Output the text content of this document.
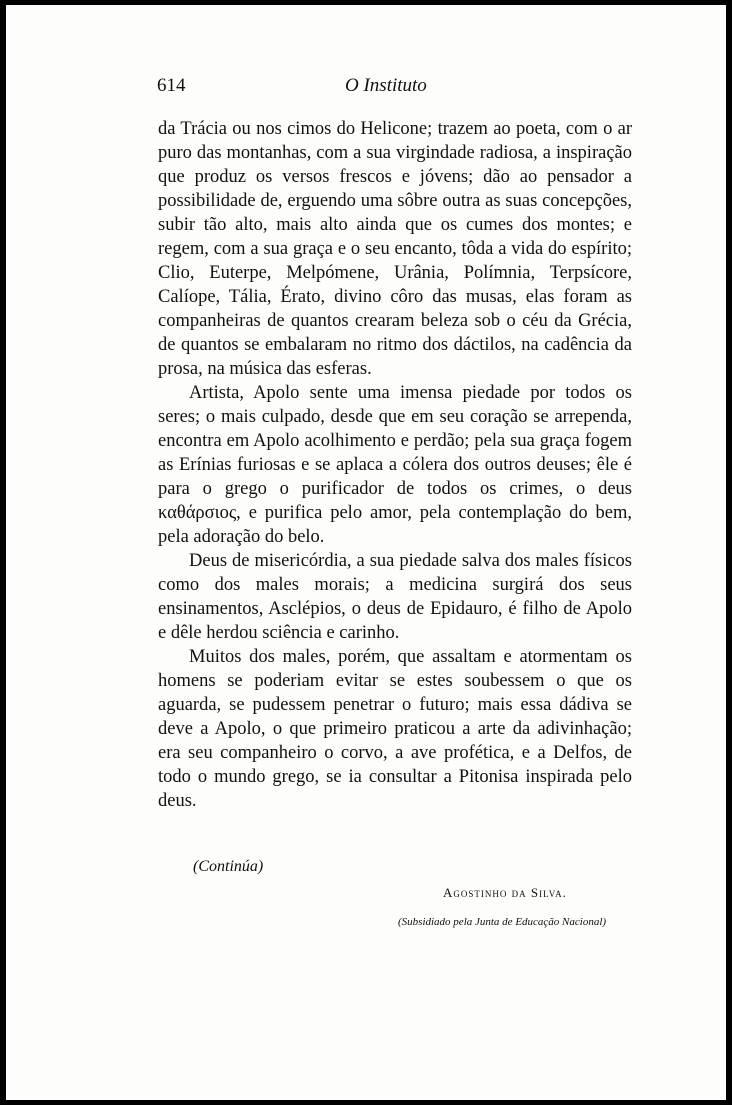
614	O Instituto

da Trácia ou nos cimos do Helicone; trazem ao poeta, com o ar puro das montanhas, com a sua virgindade radiosa, a inspiração que produz os versos frescos e jóvens; dão ao pensador a possibilidade de, erguendo uma sôbre outra as suas concepções, subir tão alto, mais alto ainda que os cumes dos montes; e regem, com a sua graça e o seu encanto, tôda a vida do espírito; Clio, Euterpe, Melpómene, Urânia, Polímnia, Terpsícore, Calíope, Tália, Érato, divino côro das musas, elas foram as companheiras de quantos crearam beleza sob o céu da Grécia, de quantos se embalaram no ritmo dos dáctilos, na cadência da prosa, na música das esferas.

Artista, Apolo sente uma imensa piedade por todos os seres; o mais culpado, desde que em seu coração se arrependa, encontra em Apolo acolhimento e perdão; pela sua graça fogem as Erínias furiosas e se aplaca a cólera dos outros deuses; êle é para o grego o purificador de todos os crimes, o deus καθάρσιος, e purifica pelo amor, pela contemplação do bem, pela adoração do belo.

Deus de misericórdia, a sua piedade salva dos males físicos como dos males morais; a medicina surgirá dos seus ensinamentos, Asclépios, o deus de Epidauro, é filho de Apolo e dêle herdou sciência e carinho.

Muitos dos males, porém, que assaltam e atormentam os homens se poderiam evitar se estes soubessem o que os aguarda, se pudessem penetrar o futuro; mais essa dádiva se deve a Apolo, o que primeiro praticou a arte da adivinhação; era seu companheiro o corvo, a ave profética, e a Delfos, de todo o mundo grego, se ia consultar a Pitonisa inspirada pelo deus.

(Continúa)
Agostinho da Silva.
(Subsidiado pela Junta de Educação Nacional)
